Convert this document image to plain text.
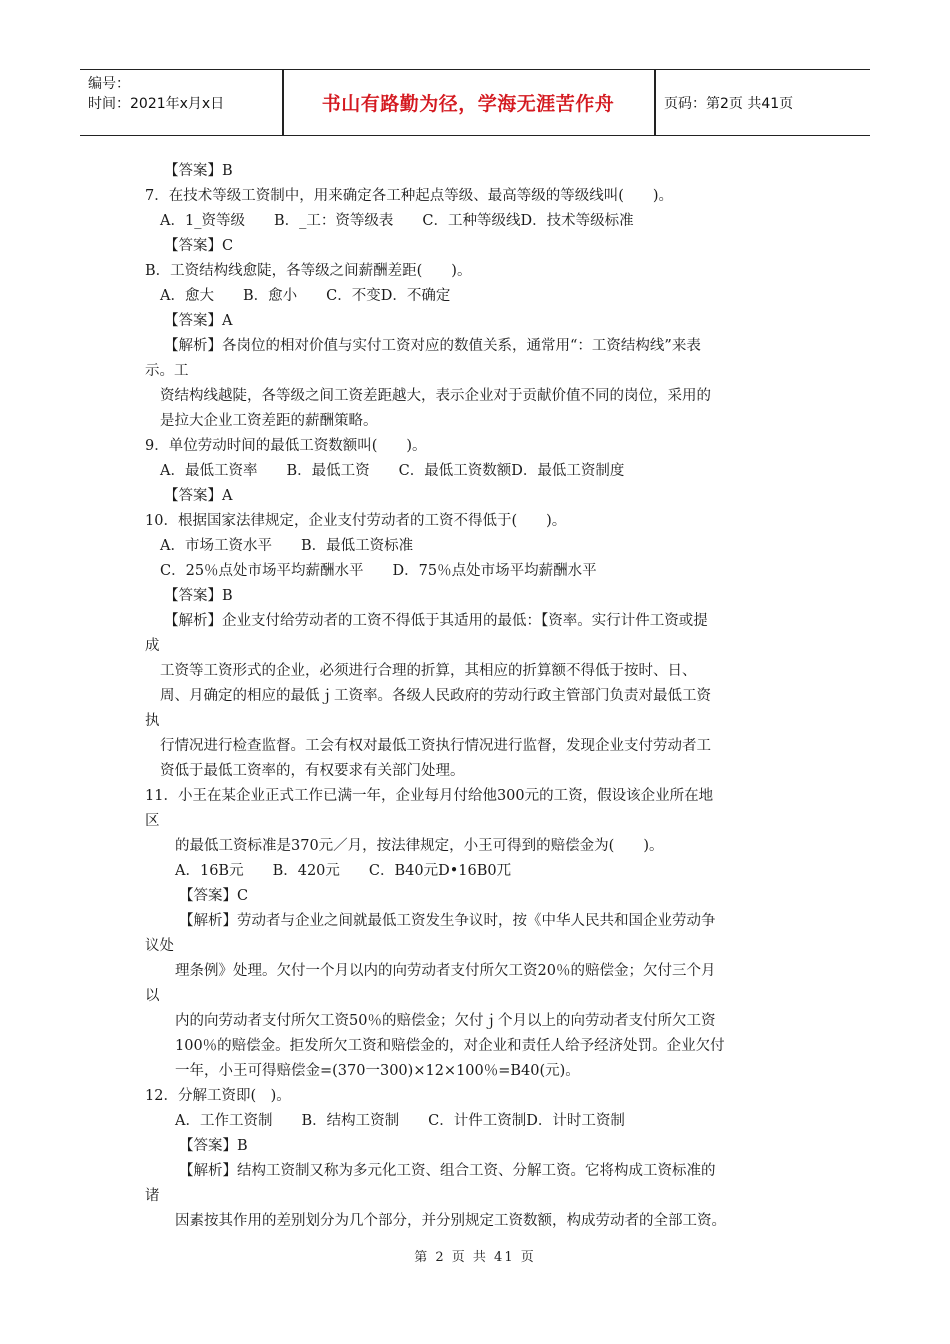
编号：
时间：2021年x月x日	书山有路勤为径，学海无涯苦作舟	页码：第2页 共41页
【答案】B
7．在技术等级工资制中，用来确定各工种起点等级、最高等级的等级线叫(　　)。
A．1_资等级　　B．_工：资等级表　　C．工种等级线D．技术等级标准
【答案】C
B．工资结构线愈陡，各等级之间薪酬差距(　　)。
A．愈大　　B．愈小　　C．不变D．不确定
【答案】A
【解析】各岗位的相对价值与实付工资对应的数值关系，通常用“：工资结构线”来表
示。工
资结构线越陡，各等级之间工资差距越大，表示企业对于贡献价值不同的岗位，采用的
是拉大企业工资差距的薪酬策略。
9．单位劳动时间的最低工资数额叫(　　)。
A．最低工资率　　B．最低工资　　C．最低工资数额D．最低工资制度
【答案】A
10．根据国家法律规定，企业支付劳动者的工资不得低于(　　)。
A．市场工资水平　　B．最低工资标准
C．25％点处市场平均薪酬水平　　D．75％点处市场平均薪酬水平
【答案】B
【解析】企业支付给劳动者的工资不得低于其适用的最低：【资率。实行计件工资或提
成
工资等工资形式的企业，必须进行合理的折算，其相应的折算额不得低于按时、日、
周、月确定的相应的最低ｊ工资率。各级人民政府的劳动行政主管部门负责对最低工资
执
行情况进行检查监督。工会有权对最低工资执行情况进行监督，发现企业支付劳动者工
资低于最低工资率的，有权要求有关部门处理。
11．小王在某企业正式工作已满一年，企业每月付给他300元的工资，假设该企业所在地
区
的最低工资标准是370元／月，按法律规定，小王可得到的赔偿金为(　　)。
A．16B元　　B．420元　　C．B40元D•16B0兀
【答案】C
【解析】劳动者与企业之间就最低工资发生争议时，按《中华人民共和国企业劳动争
议处
理条例》处理。欠付一个月以内的向劳动者支付所欠工资20％的赔偿金；欠付三个月
以
内的向劳动者支付所欠工资50％的赔偿金；欠付ｊ个月以上的向劳动者支付所欠工资
100％的赔偿金。拒发所欠工资和赔偿金的，对企业和责任人给予经济处罚。企业欠付
一年，小王可得赔偿金=(370一300)×12×100％=B40(元)。
12．分解工资即(　)。
A．工作工资制　　B．结构工资制　　C．计件工资制D．计时工资制
【答案】B
【解析】结构工资制又称为多元化工资、组合工资、分解工资。它将构成工资标准的
诸
因素按其作用的差别划分为几个部分，并分别规定工资数额，构成劳动者的全部工资。
第 2 页 共 41 页
